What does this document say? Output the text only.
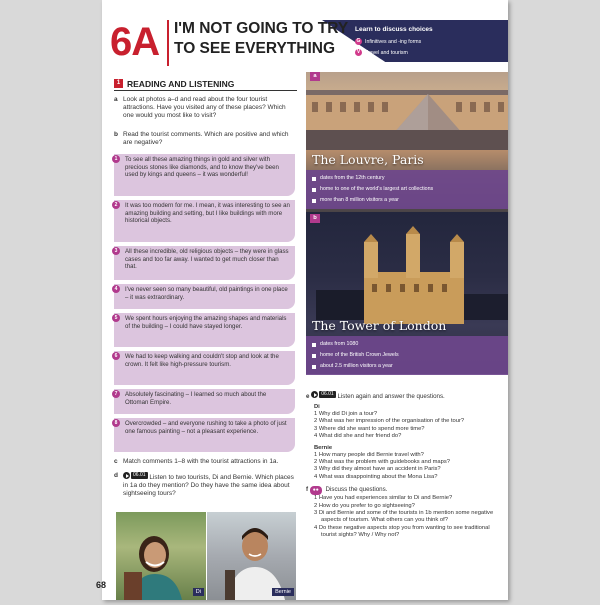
Learn to discuss choices
G Infinitives and -ing forms
V Travel and tourism
6A I'M NOT GOING TO TRY
TO SEE EVERYTHING
1 READING AND LISTENING
a Look at photos a–d and read about the four tourist attractions. Have you visited any of these places? Which one would you most like to visit?
b Read the tourist comments. Which are positive and which are negative?
1	To see all these amazing things in gold and silver with precious stones like diamonds, and to know they've been used by kings and queens – it was wonderful!
2	It was too modern for me. I mean, it was interesting to see an amazing building and setting, but I like buildings with more historical objects.
3	All these incredible, old religious objects – they were in glass cases and too far away. I wanted to get much closer than that.
4	I've never seen so many beautiful, old paintings in one place – it was extraordinary.
5	We spent hours enjoying the amazing shapes and materials of the building – I could have stayed longer.
6	We had to keep walking and couldn't stop and look at the crown. It felt like high-pressure tourism.
7	Absolutely fascinating – I learned so much about the Ottoman Empire.
8	Overcrowded – and everyone rushing to take a photo of just one famous painting – not a pleasant experience.
c Match comments 1–8 with the tourist attractions in 1a.
d	06.01 Listen to two tourists, Di and Bernie. Which places in 1a do they mention? Do they have the same idea about sightseeing tours?
Di	Bernie
68
a
The Louvre, Paris
dates from the 12th century
home to one of the world's largest art collections
more than 8 million visitors a year
b
The Tower of London
dates from 1080
home of the British Crown Jewels
about 2.5 million visitors a year
e	06.01 Listen again and answer the questions.
Di
1 Why did Di join a tour?
2 What was her impression of the organisation of the tour?
3 Where did she want to spend more time?
4 What did she and her friend do?
Bernie
1 How many people did Bernie travel with?
2 What was the problem with guidebooks and maps?
3 Why did they almost have an accident in Paris?
4 What was disappointing about the Mona Lisa?
f ●● Discuss the questions.
1 Have you had experiences similar to Di and Bernie?
2 How do you prefer to go sightseeing?
3 Di and Bernie and some of the tourists in 1b mention some negative aspects of tourism. What others can you think of?
4 Do these negative aspects stop you from wanting to see traditional tourist sights? Why / Why not?
